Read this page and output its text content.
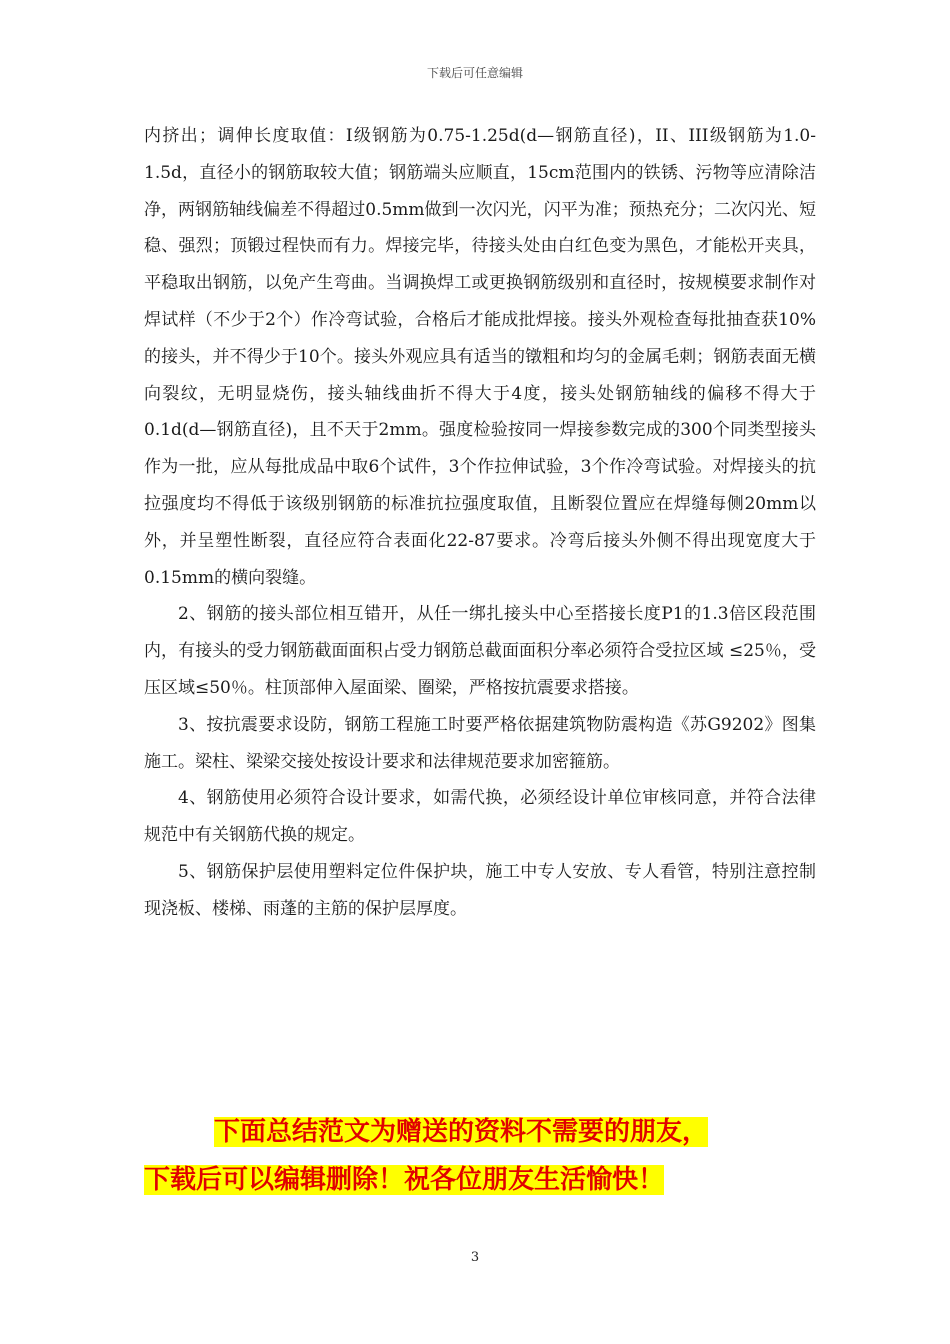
下载后可任意编辑

内挤出；调伸长度取值：I级钢筋为0.75-1.25d(d—钢筋直径)，II、III级钢筋为1.0-1.5d，直径小的钢筋取较大值；钢筋端头应顺直，15cm范围内的铁锈、污物等应清除洁净，两钢筋轴线偏差不得超过0.5mm做到一次闪光，闪平为准；预热充分；二次闪光、短稳、强烈；顶锻过程快而有力。焊接完毕，待接头处由白红色变为黑色，才能松开夹具，平稳取出钢筋，以免产生弯曲。当调换焊工或更换钢筋级别和直径时，按规模要求制作对焊试样（不少于2个）作冷弯试验，合格后才能成批焊接。接头外观检查每批抽查获10%的接头，并不得少于10个。接头外观应具有适当的镦粗和均匀的金属毛刺；钢筋表面无横向裂纹，无明显烧伤，接头轴线曲折不得大于4度，接头处钢筋轴线的偏移不得大于0.1d(d—钢筋直径)，且不天于2mm。强度检验按同一焊接参数完成的300个同类型接头作为一批，应从每批成品中取6个试件，3个作拉伸试验，3个作冷弯试验。对焊接头的抗拉强度均不得低于该级别钢筋的标准抗拉强度取值，且断裂位置应在焊缝每侧20mm以外，并呈塑性断裂，直径应符合表面化22-87要求。冷弯后接头外侧不得出现宽度大于0.15mm的横向裂缝。

2、钢筋的接头部位相互错开，从任一绑扎接头中心至搭接长度P1的1.3倍区段范围内，有接头的受力钢筋截面面积占受力钢筋总截面面积分率必须符合受拉区域 ≤25％，受压区域≤50％。柱顶部伸入屋面梁、圈梁，严格按抗震要求搭接。

3、按抗震要求设防，钢筋工程施工时要严格依据建筑物防震构造《苏G9202》图集施工。梁柱、梁梁交接处按设计要求和法律规范要求加密箍筋。

4、钢筋使用必须符合设计要求，如需代换，必须经设计单位审核同意，并符合法律规范中有关钢筋代换的规定。

5、钢筋保护层使用塑料定位件保护块，施工中专人安放、专人看管，特别注意控制现浇板、楼梯、雨蓬的主筋的保护层厚度。

下面总结范文为赠送的资料不需要的朋友，
下载后可以编辑删除！祝各位朋友生活愉快！
3
